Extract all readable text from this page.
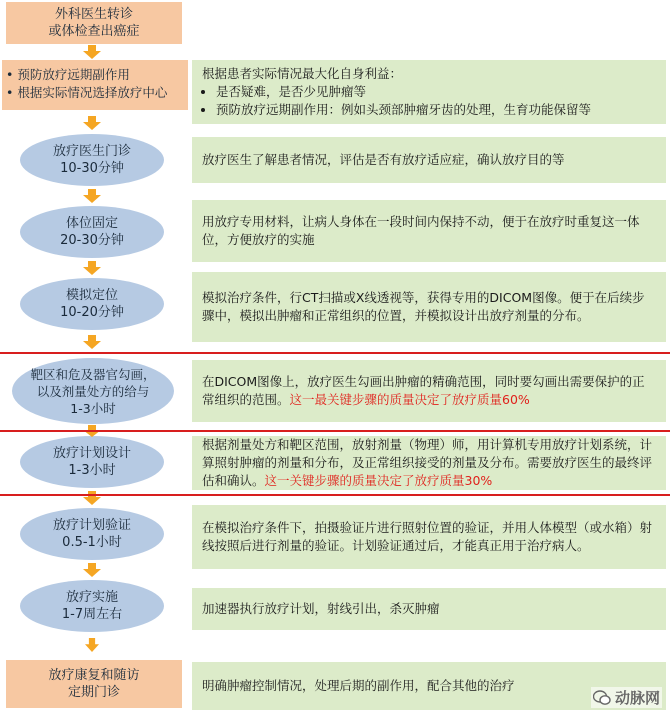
外科医生转诊
或体检查出癌症
• 预防放疗远期副作用
• 根据实际情况选择放疗中心
放疗医生门诊
10-30分钟
体位固定
20-30分钟
模拟定位
10-20分钟
靶区和危及器官勾画，
以及剂量处方的给与
1-3小时
放疗计划设计
1-3小时
放疗计划验证
0.5-1小时
放疗实施
1-7周左右
放疗康复和随访
定期门诊
根据患者实际情况最大化自身利益：
• 是否疑难，是否少见肿瘤等
• 预防放疗远期副作用：例如头颈部肿瘤牙齿的处理，生育功能保留等
放疗医生了解患者情况，评估是否有放疗适应症，确认放疗目的等
用放疗专用材料，让病人身体在一段时间内保持不动，便于在放疗时重复这一体位，方便放疗的实施
模拟治疗条件，行CT扫描或X线透视等，获得专用的DICOM图像。便于在后续步骤中，模拟出肿瘤和正常组织的位置，并模拟设计出放疗剂量的分布。
在DICOM图像上，放疗医生勾画出肿瘤的精确范围，同时要勾画出需要保护的正常组织的范围。这一最关键步骤的质量决定了放疗质量60%
根据剂量处方和靶区范围，放射剂量（物理）师，用计算机专用放疗计划系统，计算照射肿瘤的剂量和分布，及正常组织接受的剂量及分布。需要放疗医生的最终评估和确认。这一关键步骤的质量决定了放疗质量30%
在模拟治疗条件下，拍摄验证片进行照射位置的验证，并用人体模型（或水箱）射线按照后进行剂量的验证。计划验证通过后，才能真正用于治疗病人。
加速器执行放疗计划，射线引出，杀灭肿瘤
明确肿瘤控制情况，处理后期的副作用，配合其他的治疗
动脉网
